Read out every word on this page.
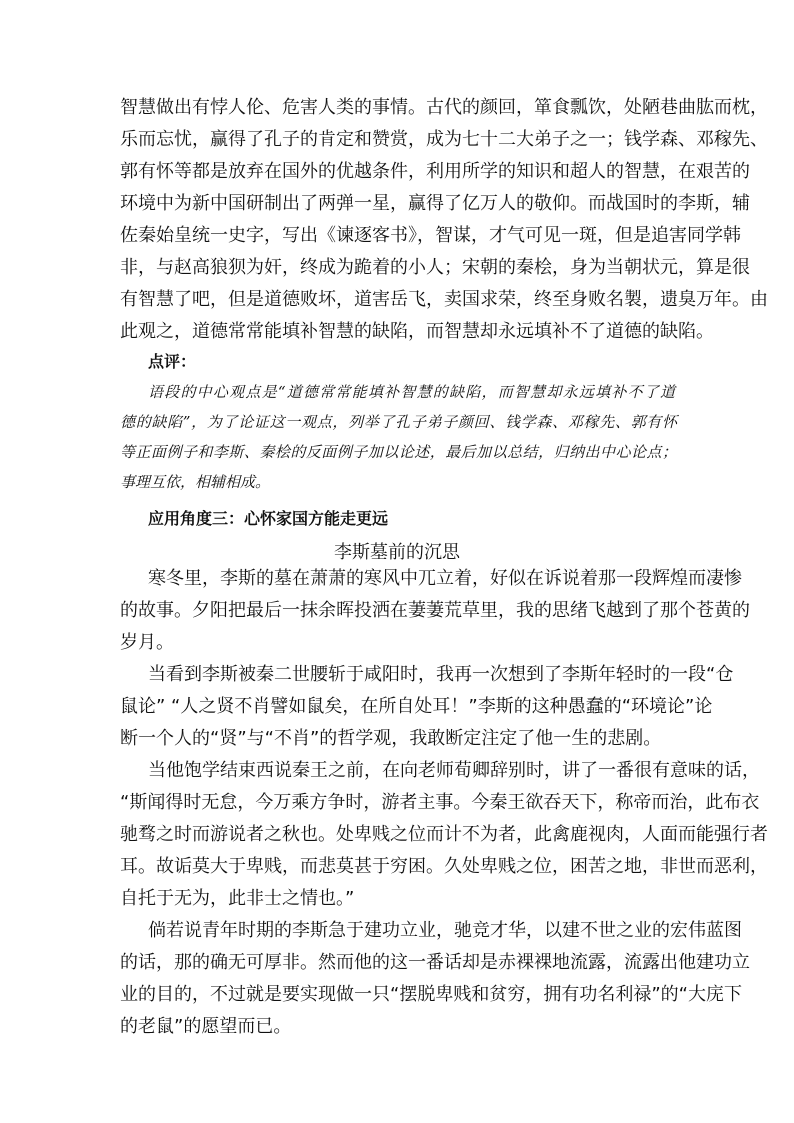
智慧做出有悖人伦、危害人类的事情。古代的颜回，箪食瓢饮，处陋巷曲肱而枕，
乐而忘忧，赢得了孔子的肯定和赞赏，成为七十二大弟子之一；钱学森、邓稼先、
郭有怀等都是放弃在国外的优越条件，利用所学的知识和超人的智慧，在艰苦的
环境中为新中国研制出了两弹一星，赢得了亿万人的敬仰。而战国时的李斯，辅
佐秦始皇统一史字，写出《谏逐客书》，智谋，才气可见一斑，但是追害同学韩
非，与赵高狼狈为奸，终成为跪着的小人；宋朝的秦桧，身为当朝状元，算是很
有智慧了吧，但是道德败坏，道害岳飞，卖国求荣，终至身败名製，遗臭万年。由
此观之，道德常常能填补智慧的缺陷，而智慧却永远填补不了道德的缺陷。
点评：
语段的中心观点是“道德常常能填补智慧的缺陷，而智慧却永远填补不了道
德的缺陷”，为了论证这一观点，列举了孔子弟子颜回、钱学森、邓稼先、郭有怀
等正面例子和李斯、秦桧的反面例子加以论述，最后加以总结，归纳出中心论点；
事理互依，相辅相成。
应用角度三：心怀家国方能走更远
李斯墓前的沉思
寒冬里，李斯的墓在萧萧的寒风中兀立着，好似在诉说着那一段辉煌而凄惨
的故事。夕阳把最后一抹余晖投洒在萋萋荒草里，我的思绪飞越到了那个苍黄的
岁月。
当看到李斯被秦二世腰斩于咸阳时，我再一次想到了李斯年轻时的一段“仓
鼠论” “人之贤不肖譬如鼠矣，在所自处耳！”李斯的这种愚蠢的“环境论”论
断一个人的“贤”与“不肖”的哲学观，我敢断定注定了他一生的悲剧。
当他饱学结束西说秦王之前，在向老师荀卿辞别时，讲了一番很有意味的话，
“斯闻得时无怠，今万乘方争时，游者主事。今秦王欲吞天下，称帝而治，此布衣
驰骛之时而游说者之秋也。处卑贱之位而计不为者，此禽鹿视肉，人面而能强行者
耳。故诟莫大于卑贱，而悲莫甚于穷困。久处卑贱之位，困苦之地，非世而恶利，
自托于无为，此非士之情也。”
倘若说青年时期的李斯急于建功立业，驰竞才华，以建不世之业的宏伟蓝图
的话，那的确无可厚非。然而他的这一番话却是赤裸裸地流露，流露出他建功立
业的目的，不过就是要实现做一只“摆脱卑贱和贫穷，拥有功名利禄”的“大庑下
的老鼠”的愿望而已。
